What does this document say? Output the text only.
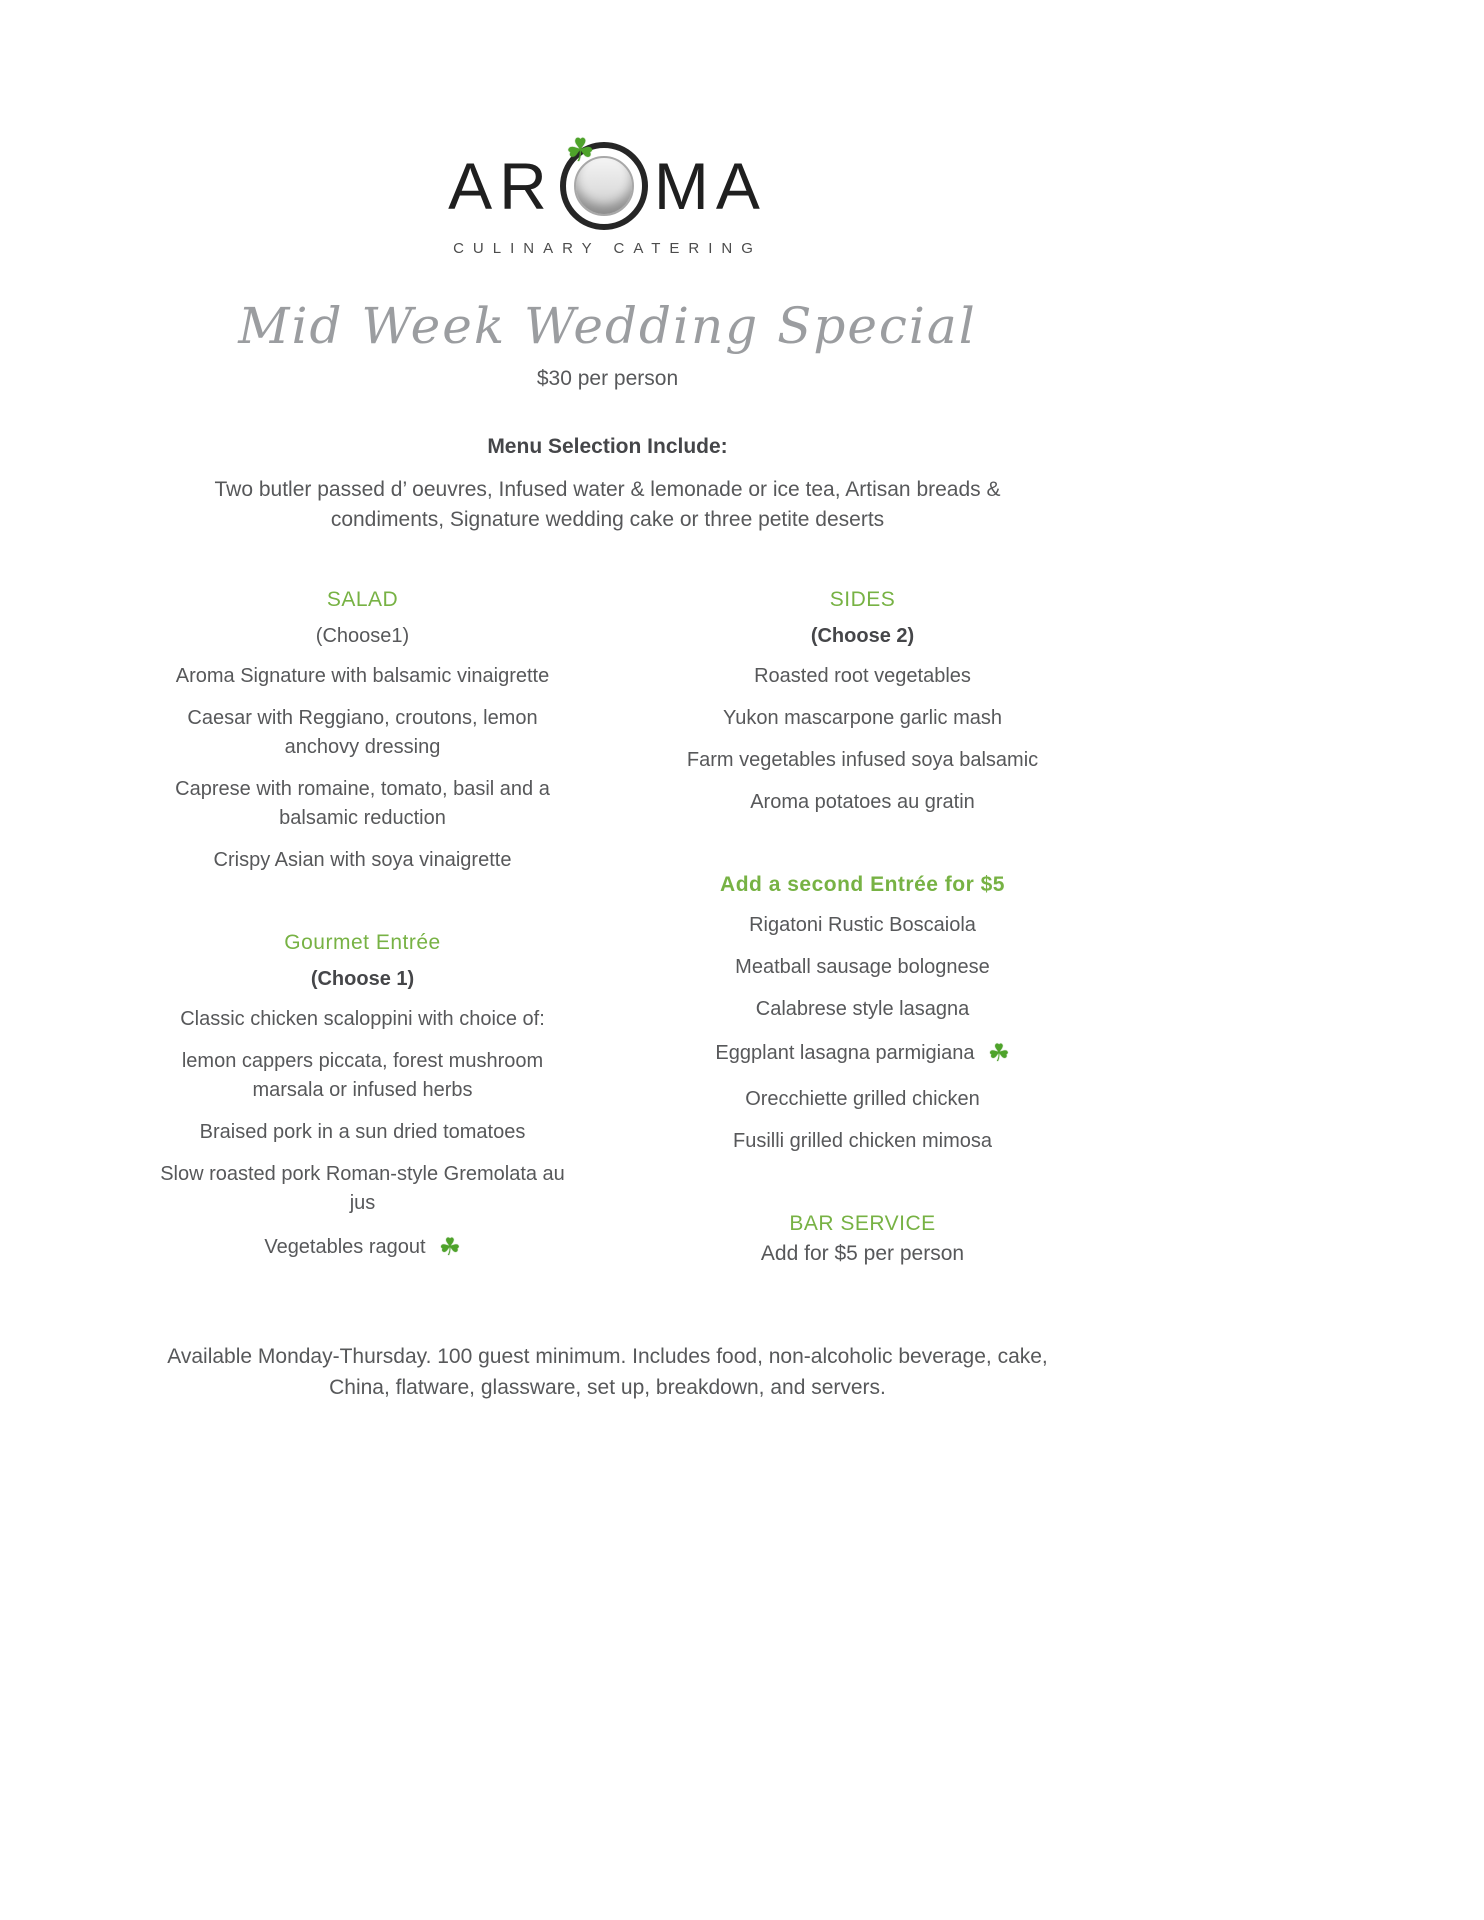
AR ☘ MA
CULINARY CATERING
Mid Week Wedding Special
$30 per person
Menu Selection Include:
Two butler passed d’ oeuvres, Infused water & lemonade or ice tea, Artisan breads & condiments, Signature wedding cake or three petite deserts
SALAD
(Choose1)
Aroma Signature with balsamic vinaigrette
Caesar with Reggiano, croutons, lemon anchovy dressing
Caprese with romaine, tomato, basil and a balsamic reduction
Crispy Asian with soya vinaigrette
Gourmet Entrée
(Choose 1)
Classic chicken scaloppini with choice of:
lemon cappers piccata, forest mushroom marsala or infused herbs
Braised pork in a sun dried tomatoes
Slow roasted pork Roman-style Gremolata au jus
Vegetables ragout ☘
SIDES
(Choose 2)
Roasted root vegetables
Yukon mascarpone garlic mash
Farm vegetables infused soya balsamic
Aroma potatoes au gratin
Add a second Entrée for $5
Rigatoni Rustic Boscaiola
Meatball sausage bolognese
Calabrese style lasagna
Eggplant lasagna parmigiana ☘
Orecchiette grilled chicken
Fusilli grilled chicken mimosa
BAR SERVICE
Add for $5 per person
Available Monday-Thursday. 100 guest minimum. Includes food, non-alcoholic beverage, cake, China, flatware, glassware, set up, breakdown, and servers.
